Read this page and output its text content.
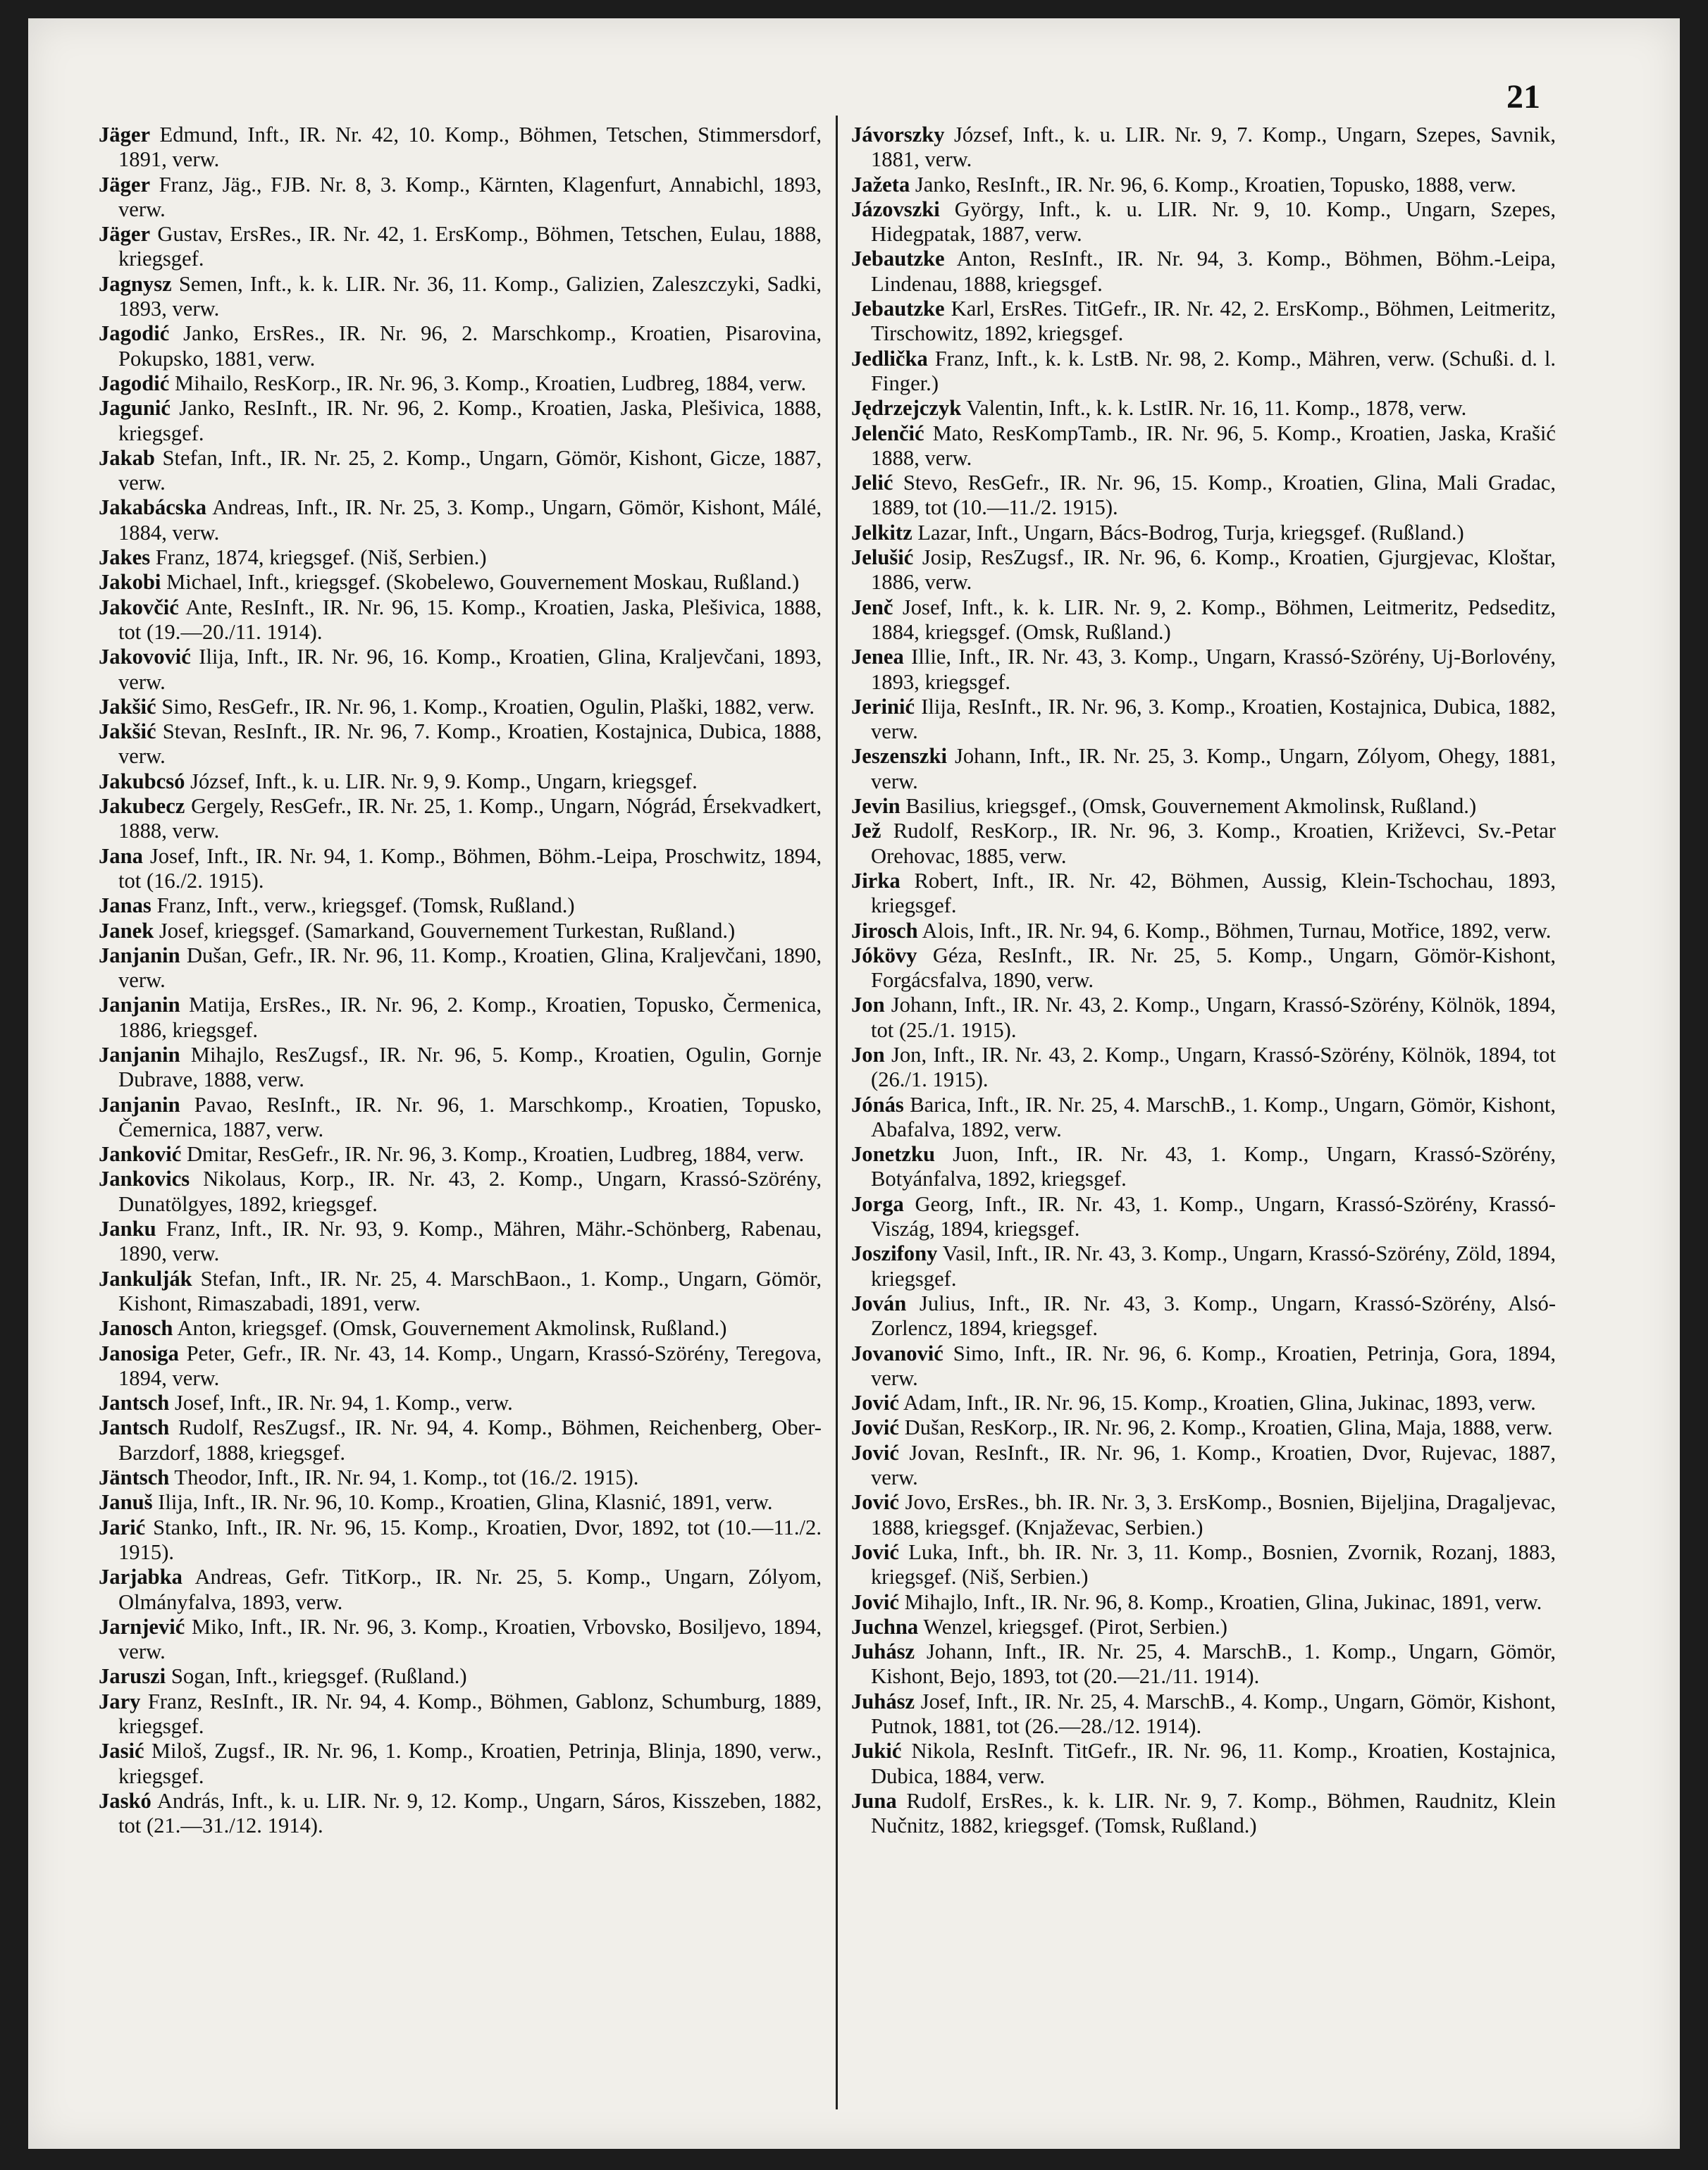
21

Jäger Edmund, Inft., IR. Nr. 42, 10. Komp., Böhmen, Tetschen, Stimmersdorf, 1891, verw.

Jäger Franz, Jäg., FJB. Nr. 8, 3. Komp., Kärnten, Klagenfurt, Annabichl, 1893, verw.

Jäger Gustav, ErsRes., IR. Nr. 42, 1. ErsKomp., Böhmen, Tetschen, Eulau, 1888, kriegsgef.

Jagnysz Semen, Inft., k. k. LIR. Nr. 36, 11. Komp., Galizien, Zaleszczyki, Sadki, 1893, verw.

Jagodić Janko, ErsRes., IR. Nr. 96, 2. Marschkomp., Kroatien, Pisarovina, Pokupsko, 1881, verw.

Jagodić Mihailo, ResKorp., IR. Nr. 96, 3. Komp., Kroatien, Ludbreg, 1884, verw.

Jagunić Janko, ResInft., IR. Nr. 96, 2. Komp., Kroatien, Jaska, Plešivica, 1888, kriegsgef.

Jakab Stefan, Inft., IR. Nr. 25, 2. Komp., Ungarn, Gömör, Kishont, Gicze, 1887, verw.

Jakabácska Andreas, Inft., IR. Nr. 25, 3. Komp., Ungarn, Gömör, Kishont, Málé, 1884, verw.

Jakes Franz, 1874, kriegsgef. (Niš, Serbien.)

Jakobi Michael, Inft., kriegsgef. (Skobelewo, Gouvernement Moskau, Rußland.)

Jakovčić Ante, ResInft., IR. Nr. 96, 15. Komp., Kroatien, Jaska, Plešivica, 1888, tot (19.—20./11. 1914).

Jakovović Ilija, Inft., IR. Nr. 96, 16. Komp., Kroatien, Glina, Kraljevčani, 1893, verw.

Jakšić Simo, ResGefr., IR. Nr. 96, 1. Komp., Kroatien, Ogulin, Plaški, 1882, verw.

Jakšić Stevan, ResInft., IR. Nr. 96, 7. Komp., Kroatien, Kostajnica, Dubica, 1888, verw.

Jakubcsó József, Inft., k. u. LIR. Nr. 9, 9. Komp., Ungarn, kriegsgef.

Jakubecz Gergely, ResGefr., IR. Nr. 25, 1. Komp., Ungarn, Nógrád, Érsekvadkert, 1888, verw.

Jana Josef, Inft., IR. Nr. 94, 1. Komp., Böhmen, Böhm.-Leipa, Proschwitz, 1894, tot (16./2. 1915).

Janas Franz, Inft., verw., kriegsgef. (Tomsk, Rußland.)

Janek Josef, kriegsgef. (Samarkand, Gouvernement Turkestan, Rußland.)

Janjanin Dušan, Gefr., IR. Nr. 96, 11. Komp., Kroatien, Glina, Kraljevčani, 1890, verw.

Janjanin Matija, ErsRes., IR. Nr. 96, 2. Komp., Kroatien, Topusko, Čermenica, 1886, kriegsgef.

Janjanin Mihajlo, ResZugsf., IR. Nr. 96, 5. Komp., Kroatien, Ogulin, Gornje Dubrave, 1888, verw.

Janjanin Pavao, ResInft., IR. Nr. 96, 1. Marschkomp., Kroatien, Topusko, Čemernica, 1887, verw.

Janković Dmitar, ResGefr., IR. Nr. 96, 3. Komp., Kroatien, Ludbreg, 1884, verw.

Jankovics Nikolaus, Korp., IR. Nr. 43, 2. Komp., Ungarn, Krassó-Szörény, Dunatölgyes, 1892, kriegsgef.

Janku Franz, Inft., IR. Nr. 93, 9. Komp., Mähren, Mähr.-Schönberg, Rabenau, 1890, verw.

Jankulják Stefan, Inft., IR. Nr. 25, 4. MarschBaon., 1. Komp., Ungarn, Gömör, Kishont, Rimaszabadi, 1891, verw.

Janosch Anton, kriegsgef. (Omsk, Gouvernement Akmolinsk, Rußland.)

Janosiga Peter, Gefr., IR. Nr. 43, 14. Komp., Ungarn, Krassó-Szörény, Teregova, 1894, verw.

Jantsch Josef, Inft., IR. Nr. 94, 1. Komp., verw.

Jantsch Rudolf, ResZugsf., IR. Nr. 94, 4. Komp., Böhmen, Reichenberg, Ober-Barzdorf, 1888, kriegsgef.

Jäntsch Theodor, Inft., IR. Nr. 94, 1. Komp., tot (16./2. 1915).

Januš Ilija, Inft., IR. Nr. 96, 10. Komp., Kroatien, Glina, Klasnić, 1891, verw.

Jarić Stanko, Inft., IR. Nr. 96, 15. Komp., Kroatien, Dvor, 1892, tot (10.—11./2. 1915).

Jarjabka Andreas, Gefr. TitKorp., IR. Nr. 25, 5. Komp., Ungarn, Zólyom, Olmányfalva, 1893, verw.

Jarnjević Miko, Inft., IR. Nr. 96, 3. Komp., Kroatien, Vrbovsko, Bosiljevo, 1894, verw.

Jaruszi Sogan, Inft., kriegsgef. (Rußland.)

Jary Franz, ResInft., IR. Nr. 94, 4. Komp., Böhmen, Gablonz, Schumburg, 1889, kriegsgef.

Jasić Miloš, Zugsf., IR. Nr. 96, 1. Komp., Kroatien, Petrinja, Blinja, 1890, verw., kriegsgef.

Jaskó András, Inft., k. u. LIR. Nr. 9, 12. Komp., Ungarn, Sáros, Kisszeben, 1882, tot (21.—31./12. 1914).

Jávorszky József, Inft., k. u. LIR. Nr. 9, 7. Komp., Ungarn, Szepes, Savnik, 1881, verw.

Jažeta Janko, ResInft., IR. Nr. 96, 6. Komp., Kroatien, Topusko, 1888, verw.

Jázovszki György, Inft., k. u. LIR. Nr. 9, 10. Komp., Ungarn, Szepes, Hidegpatak, 1887, verw.

Jebautzke Anton, ResInft., IR. Nr. 94, 3. Komp., Böhmen, Böhm.-Leipa, Lindenau, 1888, kriegsgef.

Jebautzke Karl, ErsRes. TitGefr., IR. Nr. 42, 2. ErsKomp., Böhmen, Leitmeritz, Tirschowitz, 1892, kriegsgef.

Jedlička Franz, Inft., k. k. LstB. Nr. 98, 2. Komp., Mähren, verw. (Schußi. d. l. Finger.)

Jędrzejczyk Valentin, Inft., k. k. LstIR. Nr. 16, 11. Komp., 1878, verw.

Jelenčić Mato, ResKompTamb., IR. Nr. 96, 5. Komp., Kroatien, Jaska, Krašić 1888, verw.

Jelić Stevo, ResGefr., IR. Nr. 96, 15. Komp., Kroatien, Glina, Mali Gradac, 1889, tot (10.—11./2. 1915).

Jelkitz Lazar, Inft., Ungarn, Bács-Bodrog, Turja, kriegsgef. (Rußland.)

Jelušić Josip, ResZugsf., IR. Nr. 96, 6. Komp., Kroatien, Gjurgjevac, Kloštar, 1886, verw.

Jenč Josef, Inft., k. k. LIR. Nr. 9, 2. Komp., Böhmen, Leitmeritz, Pedseditz, 1884, kriegsgef. (Omsk, Rußland.)

Jenea Illie, Inft., IR. Nr. 43, 3. Komp., Ungarn, Krassó-Szörény, Uj-Borlovény, 1893, kriegsgef.

Jerinić Ilija, ResInft., IR. Nr. 96, 3. Komp., Kroatien, Kostajnica, Dubica, 1882, verw.

Jeszenszki Johann, Inft., IR. Nr. 25, 3. Komp., Ungarn, Zólyom, Ohegy, 1881, verw.

Jevin Basilius, kriegsgef., (Omsk, Gouvernement Akmolinsk, Rußland.)

Jež Rudolf, ResKorp., IR. Nr. 96, 3. Komp., Kroatien, Križevci, Sv.-Petar Orehovac, 1885, verw.

Jirka Robert, Inft., IR. Nr. 42, Böhmen, Aussig, Klein-Tschochau, 1893, kriegsgef.

Jirosch Alois, Inft., IR. Nr. 94, 6. Komp., Böhmen, Turnau, Motřice, 1892, verw.

Jókövy Géza, ResInft., IR. Nr. 25, 5. Komp., Ungarn, Gömör-Kishont, Forgácsfalva, 1890, verw.

Jon Johann, Inft., IR. Nr. 43, 2. Komp., Ungarn, Krassó-Szörény, Kölnök, 1894, tot (25./1. 1915).

Jon Jon, Inft., IR. Nr. 43, 2. Komp., Ungarn, Krassó-Szörény, Kölnök, 1894, tot (26./1. 1915).

Jónás Barica, Inft., IR. Nr. 25, 4. MarschB., 1. Komp., Ungarn, Gömör, Kishont, Abafalva, 1892, verw.

Jonetzku Juon, Inft., IR. Nr. 43, 1. Komp., Ungarn, Krassó-Szörény, Botyánfalva, 1892, kriegsgef.

Jorga Georg, Inft., IR. Nr. 43, 1. Komp., Ungarn, Krassó-Szörény, Krassó-Viszág, 1894, kriegsgef.

Joszifony Vasil, Inft., IR. Nr. 43, 3. Komp., Ungarn, Krassó-Szörény, Zöld, 1894, kriegsgef.

Jován Julius, Inft., IR. Nr. 43, 3. Komp., Ungarn, Krassó-Szörény, Alsó-Zorlencz, 1894, kriegsgef.

Jovanović Simo, Inft., IR. Nr. 96, 6. Komp., Kroatien, Petrinja, Gora, 1894, verw.

Jović Adam, Inft., IR. Nr. 96, 15. Komp., Kroatien, Glina, Jukinac, 1893, verw.

Jović Dušan, ResKorp., IR. Nr. 96, 2. Komp., Kroatien, Glina, Maja, 1888, verw.

Jović Jovan, ResInft., IR. Nr. 96, 1. Komp., Kroatien, Dvor, Rujevac, 1887, verw.

Jović Jovo, ErsRes., bh. IR. Nr. 3, 3. ErsKomp., Bosnien, Bijeljina, Dragaljevac, 1888, kriegsgef. (Knjaževac, Serbien.)

Jović Luka, Inft., bh. IR. Nr. 3, 11. Komp., Bosnien, Zvornik, Rozanj, 1883, kriegsgef. (Niš, Serbien.)

Jović Mihajlo, Inft., IR. Nr. 96, 8. Komp., Kroatien, Glina, Jukinac, 1891, verw.

Juchna Wenzel, kriegsgef. (Pirot, Serbien.)

Juhász Johann, Inft., IR. Nr. 25, 4. MarschB., 1. Komp., Ungarn, Gömör, Kishont, Bejo, 1893, tot (20.—21./11. 1914).

Juhász Josef, Inft., IR. Nr. 25, 4. MarschB., 4. Komp., Ungarn, Gömör, Kishont, Putnok, 1881, tot (26.—28./12. 1914).

Jukić Nikola, ResInft. TitGefr., IR. Nr. 96, 11. Komp., Kroatien, Kostajnica, Dubica, 1884, verw.

Juna Rudolf, ErsRes., k. k. LIR. Nr. 9, 7. Komp., Böhmen, Raudnitz, Klein Nučnitz, 1882, kriegsgef. (Tomsk, Rußland.)
